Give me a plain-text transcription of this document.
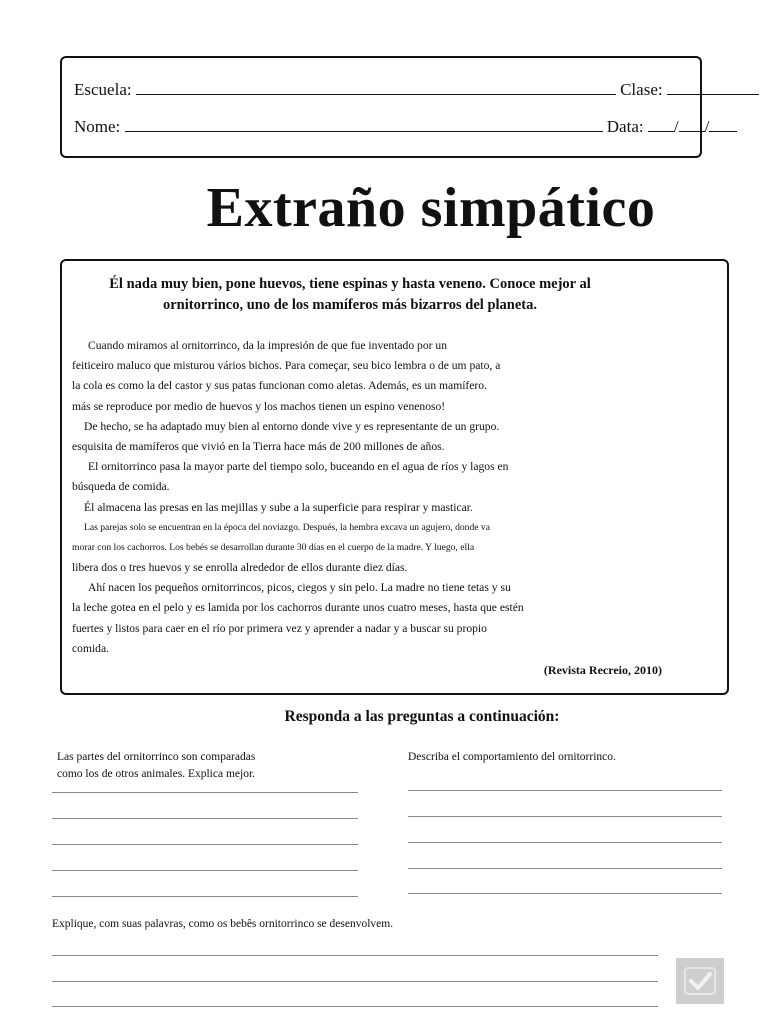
Escuela:	Clase:
Nome:	Data: / /
Extraño simpático
Él nada muy bien, pone huevos, tiene espinas y hasta veneno. Conoce mejor al ornitorrinco, uno de los mamíferos más bizarros del planeta.
Cuando miramos al ornitorrinco, da la impresión de que fue inventado por un
feiticeiro maluco que misturou vários bichos. Para começar, seu bico lembra o de um pato, a
la cola es como la del castor y sus patas funcionan como aletas. Además, es un mamífero.
más se reproduce por medio de huevos y los machos tienen un espino venenoso!
De hecho, se ha adaptado muy bien al entorno donde vive y es representante de un grupo.
esquisita de mamíferos que vivió en la Tierra hace más de 200 millones de años.
El ornitorrinco pasa la mayor parte del tiempo solo, buceando en el agua de ríos y lagos en
búsqueda de comida.
Él almacena las presas en las mejillas y sube a la superficie para respirar y masticar.
Las parejas solo se encuentran en la época del noviazgo. Después, la hembra excava un agujero, donde va
morar con los cachorros. Los bebés se desarrollan durante 30 días en el cuerpo de la madre. Y luego, ella
libera dos o tres huevos y se enrolla alrededor de ellos durante diez días.
Ahí nacen los pequeños ornitorrincos, picos, ciegos y sin pelo. La madre no tiene tetas y su
la leche gotea en el pelo y es lamida por los cachorros durante unos cuatro meses, hasta que estén
fuertes y listos para caer en el río por primera vez y aprender a nadar y a buscar su propio
comida.
(Revista Recreio, 2010)
Responda a las preguntas a continuación:
Las partes del ornitorrinco son comparadas
como los de otros animales. Explica mejor.
Describa el comportamiento del ornitorrinco.
Explique, com suas palavras, como os bebês ornitorrinco se desenvolvem.
